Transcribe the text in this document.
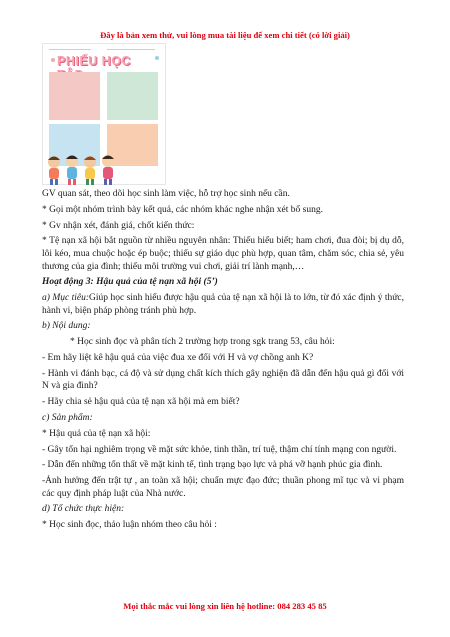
Đây là bản xem thử, vui lòng mua tài liệu để xem chi tiết (có lời giải)
PHIẾU HỌC

GV quan sát, theo dõi học sinh làm việc, hỗ trợ học sinh nếu cần.

* Gọi một nhóm trình bày kết quả, các nhóm khác nghe nhận xét bổ sung.

* Gv nhận xét, đánh giá, chốt kiến thức:

* Tệ nạn xã hội bắt nguồn từ nhiều nguyên nhân: Thiếu hiểu biết; ham chơi, đua đòi; bị dụ dỗ, lôi kéo, mua chuộc hoặc ép buộc; thiếu sự giáo dục phù hợp, quan tâm, chăm sóc, chia sẻ, yêu thương của gia đình; thiếu môi trường vui chơi, giải trí lành mạnh,…

Hoạt động 3: Hậu quả của tệ nạn xã hội (5’)

a) Mục tiêu:Giúp học sinh hiểu được hậu quả của tệ nạn xã hội là to lớn, từ đó xác định ý thức, hành vi, biện pháp phòng tránh phù hợp.

b) Nội dung:

* Học sinh đọc và phân tích 2 trường hợp trong sgk trang 53, câu hỏi:

- Em hãy liệt kê hậu quả của việc đua xe đối với H và vợ chồng anh K?

- Hành vi đánh bạc, cá độ và sử dụng chất kích thích gây nghiện đã dẫn đến hậu quả gì đối với N và gia đình?

- Hãy chia sẻ hậu quả của tệ nạn xã hội mà em biết?

c) Sản phẩm:

* Hậu quả của tệ nạn xã hội:

- Gây tổn hại nghiêm trọng về mặt sức khỏe, tinh thần, trí tuệ, thậm chí tính mạng con người.

- Dẫn đến những tổn thất về mặt kinh tế, tình trạng bạo lực và phá vỡ hạnh phúc gia đình.

-Ảnh hưởng đến trật tự , an toàn xã hội; chuẩn mực đạo đức; thuần phong mĩ tục và vi phạm các quy định pháp luật của Nhà nước.

d) Tổ chức thực hiện:

* Học sinh đọc, thảo luận nhóm theo câu hỏi :

Mọi thắc mắc vui lòng xin liên hệ hotline: 084 283 45 85
